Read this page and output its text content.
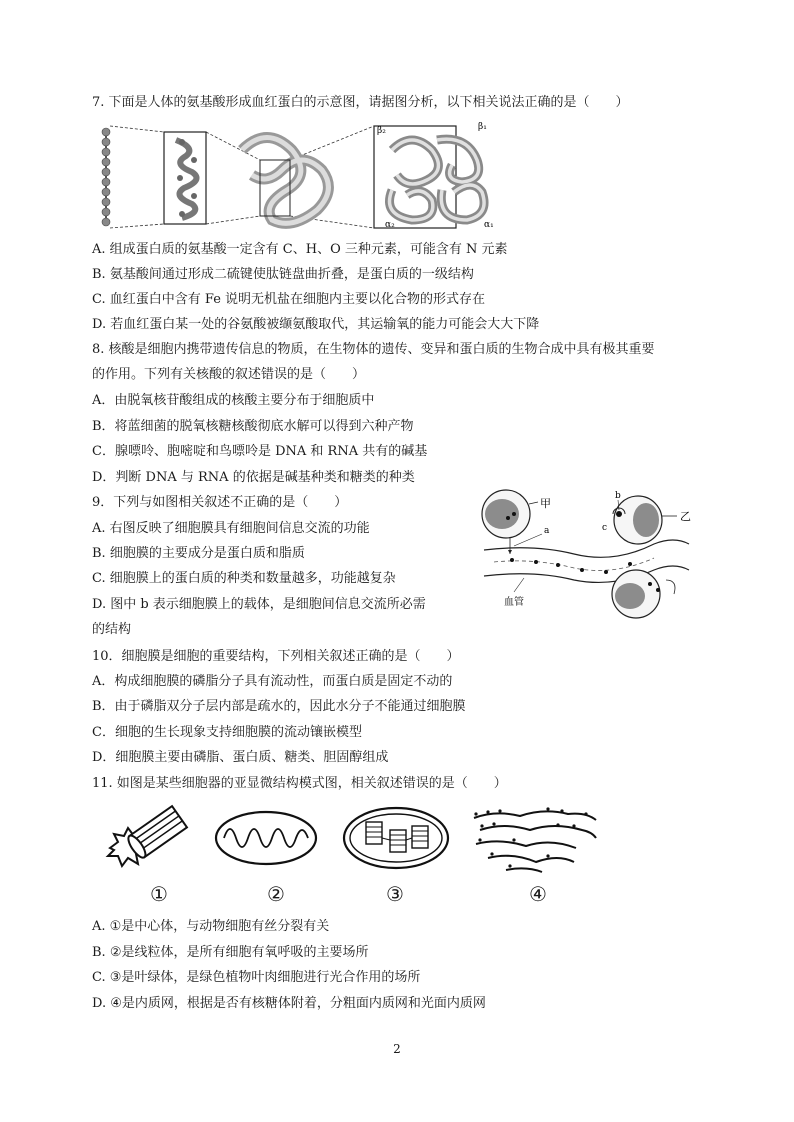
7. 下面是人体的氨基酸形成血红蛋白的示意图，请据图分析，以下相关说法正确的是（　　）
β₂	β₁
α₂	α₁
A. 组成蛋白质的氨基酸一定含有 C、H、O 三种元素，可能含有 N 元素
B. 氨基酸间通过形成二硫键使肽链盘曲折叠，是蛋白质的一级结构
C. 血红蛋白中含有 Fe 说明无机盐在细胞内主要以化合物的形式存在
D. 若血红蛋白某一处的谷氨酸被缬氨酸取代，其运输氧的能力可能会大大下降
8. 核酸是细胞内携带遗传信息的物质，在生物体的遗传、变异和蛋白质的生物合成中具有极其重要
的作用。下列有关核酸的叙述错误的是（　　）
A．由脱氧核苷酸组成的核酸主要分布于细胞质中
B．将蓝细菌的脱氧核糖核酸彻底水解可以得到六种产物
C．腺嘌呤、胞嘧啶和鸟嘌呤是 DNA 和 RNA 共有的碱基
D．判断 DNA 与 RNA 的依据是碱基种类和糖类的种类
9．下列与如图相关叙述不正确的是（　　）
A. 右图反映了细胞膜具有细胞间信息交流的功能
B. 细胞膜的主要成分是蛋白质和脂质
C. 细胞膜上的蛋白质的种类和数量越多，功能越复杂
D. 图中 b 表示细胞膜上的载体，是细胞间信息交流所必需
的结构
甲
乙
b
a	c
血管
10．细胞膜是细胞的重要结构，下列相关叙述正确的是（　　）
A．构成细胞膜的磷脂分子具有流动性，而蛋白质是固定不动的
B．由于磷脂双分子层内部是疏水的，因此水分子不能通过细胞膜
C．细胞的生长现象支持细胞膜的流动镶嵌模型
D．细胞膜主要由磷脂、蛋白质、糖类、胆固醇组成
11. 如图是某些细胞器的亚显微结构模式图，相关叙述错误的是（　　）
①	②	③	④
A. ①是中心体，与动物细胞有丝分裂有关
B. ②是线粒体，是所有细胞有氧呼吸的主要场所
C. ③是叶绿体，是绿色植物叶肉细胞进行光合作用的场所
D. ④是内质网，根据是否有核糖体附着，分粗面内质网和光面内质网
2
